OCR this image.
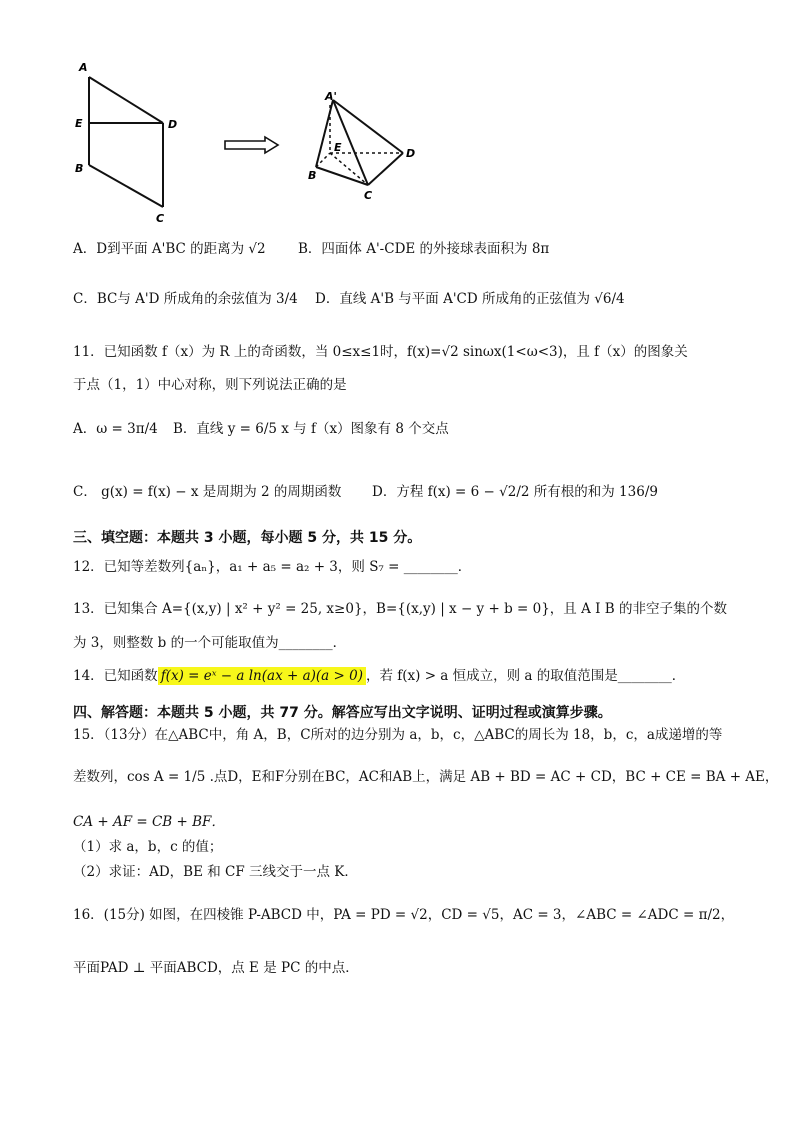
A
E	D
B
C
A'
E	D
B
C
A．D到平面 A'BC 的距离为 √2 B．四面体 A'-CDE 的外接球表面积为 8π
C．BC与 A'D 所成角的余弦值为 3/4 D．直线 A'B 与平面 A'CD 所成角的正弦值为 √6/4
11．已知函数 f（x）为 R 上的奇函数，当 0≤x≤1时，f(x)=√2 sinωx(1<ω<3)，且 f（x）的图象关
于点（1，1）中心对称，则下列说法正确的是
A．ω = 3π/4 B．直线 y = 6/5 x 与 f（x）图象有 8 个交点
C． g(x) = f(x) − x 是周期为 2 的周期函数 D．方程 f(x) = 6 − √2/2 所有根的和为 136/9
三、填空题：本题共 3 小题，每小题 5 分，共 15 分。
12．已知等差数列{aₙ}，a₁ + a₅ = a₂ + 3，则 S₇ = ________．
13．已知集合 A={(x,y) | x² + y² = 25, x≥0}，B={(x,y) | x − y + b = 0}，且 A I B 的非空子集的个数
为 3，则整数 b 的一个可能取值为________．
14．已知函数 f(x) = eˣ − a ln(ax + a)(a > 0) ，若 f(x) > a 恒成立，则 a 的取值范围是________．
四、解答题：本题共 5 小题，共 77 分。解答应写出文字说明、证明过程或演算步骤。
15．（13分）在△ABC中，角 A，B，C所对的边分别为 a，b，c，△ABC的周长为 18，b，c，a成递增的等
差数列，cos A = 1/5 .点D，E和F分别在BC，AC和AB上，满足 AB + BD = AC + CD，BC + CE = BA + AE，
CA + AF = CB + BF．
（1）求 a，b，c 的值；
（2）求证：AD，BE 和 CF 三线交于一点 K．
16．(15分) 如图，在四棱锥 P-ABCD 中，PA = PD = √2，CD = √5，AC = 3，∠ABC = ∠ADC = π/2，
平面PAD ⊥ 平面ABCD，点 E 是 PC 的中点．
